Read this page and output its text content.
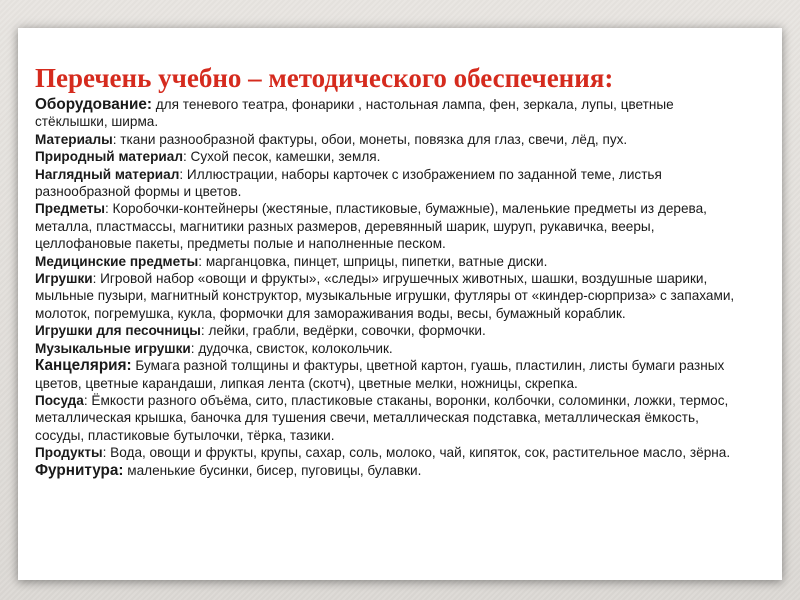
Перечень учебно – методического обеспечения:

Оборудование: для теневого театра, фонарики , настольная лампа, фен, зеркала, лупы, цветные стёклышки, ширма.

Материалы: ткани разнообразной фактуры, обои, монеты, повязка для глаз, свечи, лёд, пух.

Природный материал: Сухой песок, камешки, земля.

Наглядный материал: Иллюстрации, наборы карточек с изображением по заданной теме, листья разнообразной формы и цветов.

Предметы: Коробочки-контейнеры (жестяные, пластиковые, бумажные), маленькие предметы из дерева, металла, пластмассы, магнитики разных размеров, деревянный шарик, шуруп, рукавичка, вееры, целлофановые пакеты, предметы полые и наполненные песком.

Медицинские предметы: марганцовка, пинцет, шприцы, пипетки, ватные диски.

Игрушки: Игровой набор «овощи и фрукты», «следы» игрушечных животных, шашки, воздушные шарики, мыльные пузыри, магнитный конструктор, музыкальные игрушки, футляры от «киндер-сюрприза» с запахами, молоток, погремушка, кукла, формочки для замораживания воды, весы, бумажный кораблик.

Игрушки для песочницы: лейки, грабли, ведёрки, совочки, формочки.

Музыкальные игрушки: дудочка, свисток, колокольчик.

Канцелярия: Бумага разной толщины и фактуры, цветной картон, гуашь, пластилин, листы бумаги разных цветов, цветные карандаши, липкая лента (скотч), цветные мелки, ножницы, скрепка.

Посуда: Ёмкости разного объёма, сито, пластиковые стаканы, воронки, колбочки, соломинки, ложки, термос, металлическая крышка, баночка для тушения свечи, металлическая подставка, металлическая ёмкость, сосуды, пластиковые бутылочки, тёрка, тазики.

Продукты: Вода, овощи и фрукты, крупы, сахар, соль, молоко, чай, кипяток, сок, растительное масло, зёрна.

Фурнитура: маленькие бусинки, бисер, пуговицы, булавки.
